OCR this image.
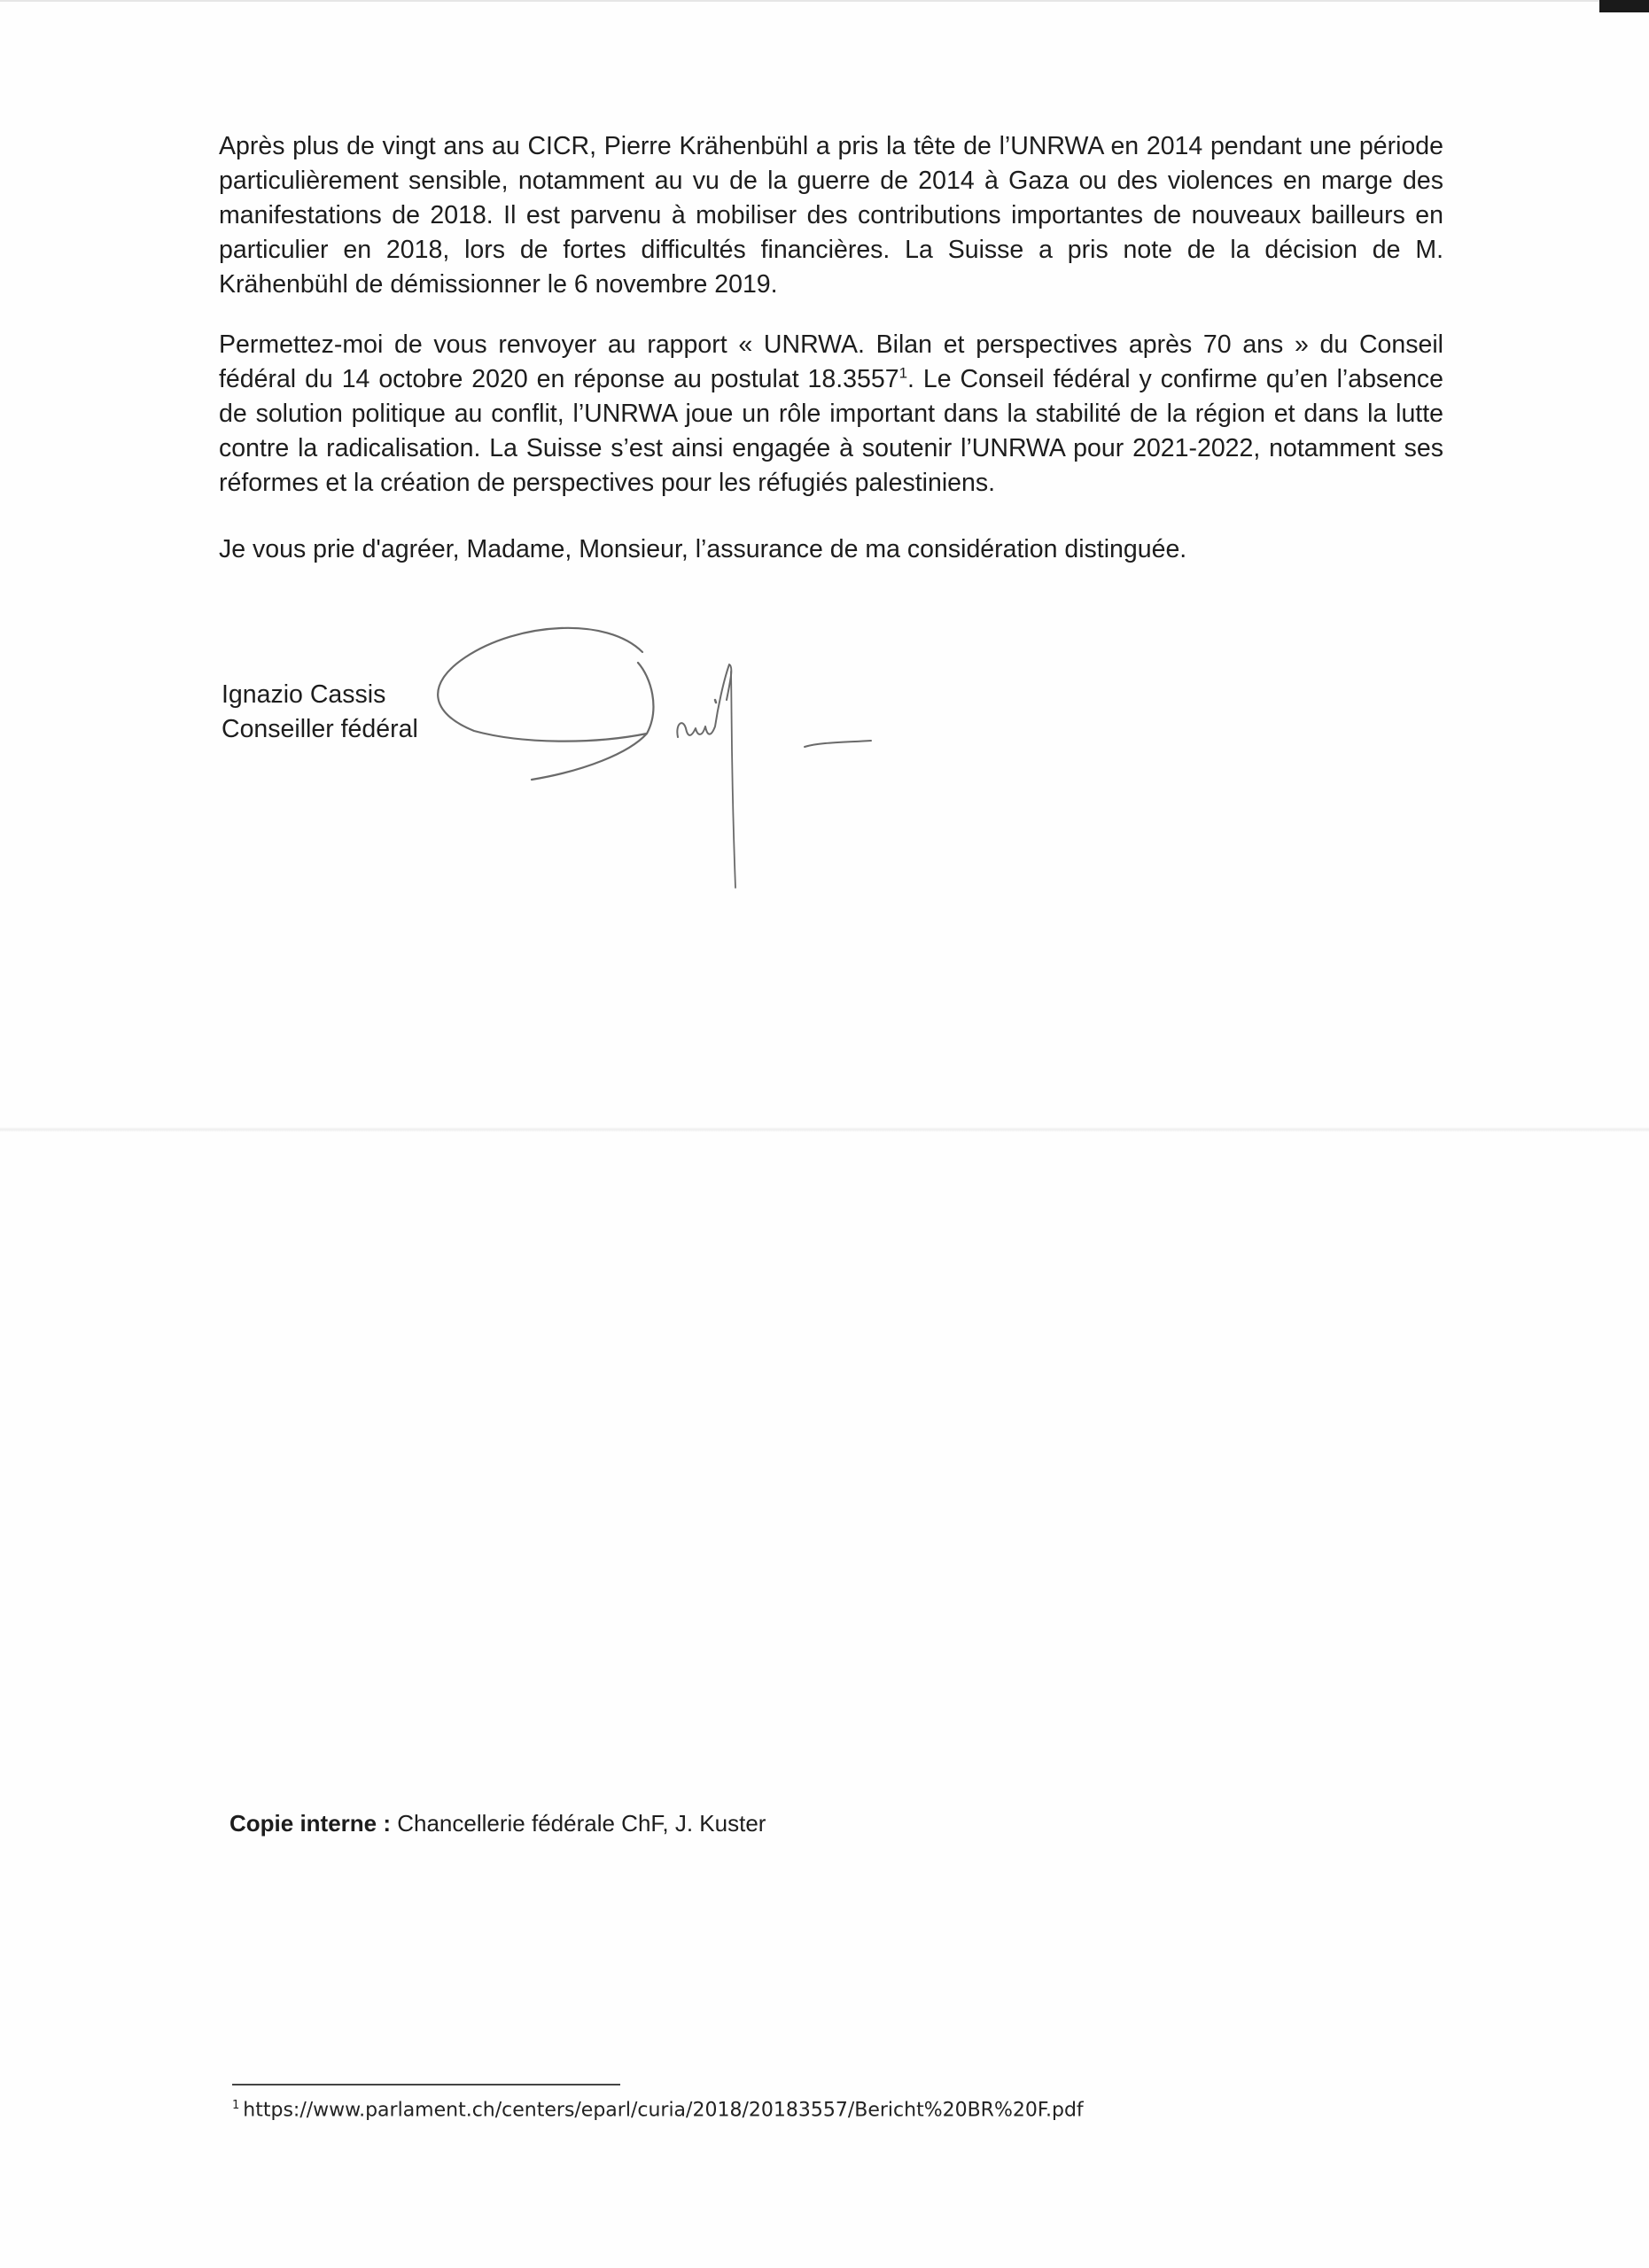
Après plus de vingt ans au CICR, Pierre Krähenbühl a pris la tête de l’UNRWA en 2014 pendant une période particulièrement sensible, notamment au vu de la guerre de 2014 à Gaza ou des violences en marge des manifestations de 2018. Il est parvenu à mobiliser des contributions importantes de nouveaux bailleurs en particulier en 2018, lors de fortes difficultés financières. La Suisse a pris note de la décision de M. Krähenbühl de démissionner le 6 novembre 2019.

Permettez-moi de vous renvoyer au rapport « UNRWA. Bilan et perspectives après 70 ans » du Conseil fédéral du 14 octobre 2020 en réponse au postulat 18.3557$^1$. Le Conseil fédéral y confirme qu’en l’absence de solution politique au conflit, l’UNRWA joue un rôle important dans la stabilité de la région et dans la lutte contre la radicalisation. La Suisse s’est ainsi engagée à soutenir l’UNRWA pour 2021-2022, notamment ses réformes et la création de perspectives pour les réfugiés palestiniens.

Je vous prie d'agréer, Madame, Monsieur, l’assurance de ma considération distinguée.

Ignazio Cassis
Conseiller fédéral
Copie interne : Chancellerie fédérale ChF, J. Kuster
$^1$ https://www.parlament.ch/centers/eparl/curia/2018/20183557/Bericht%20BR%20F.pdf
